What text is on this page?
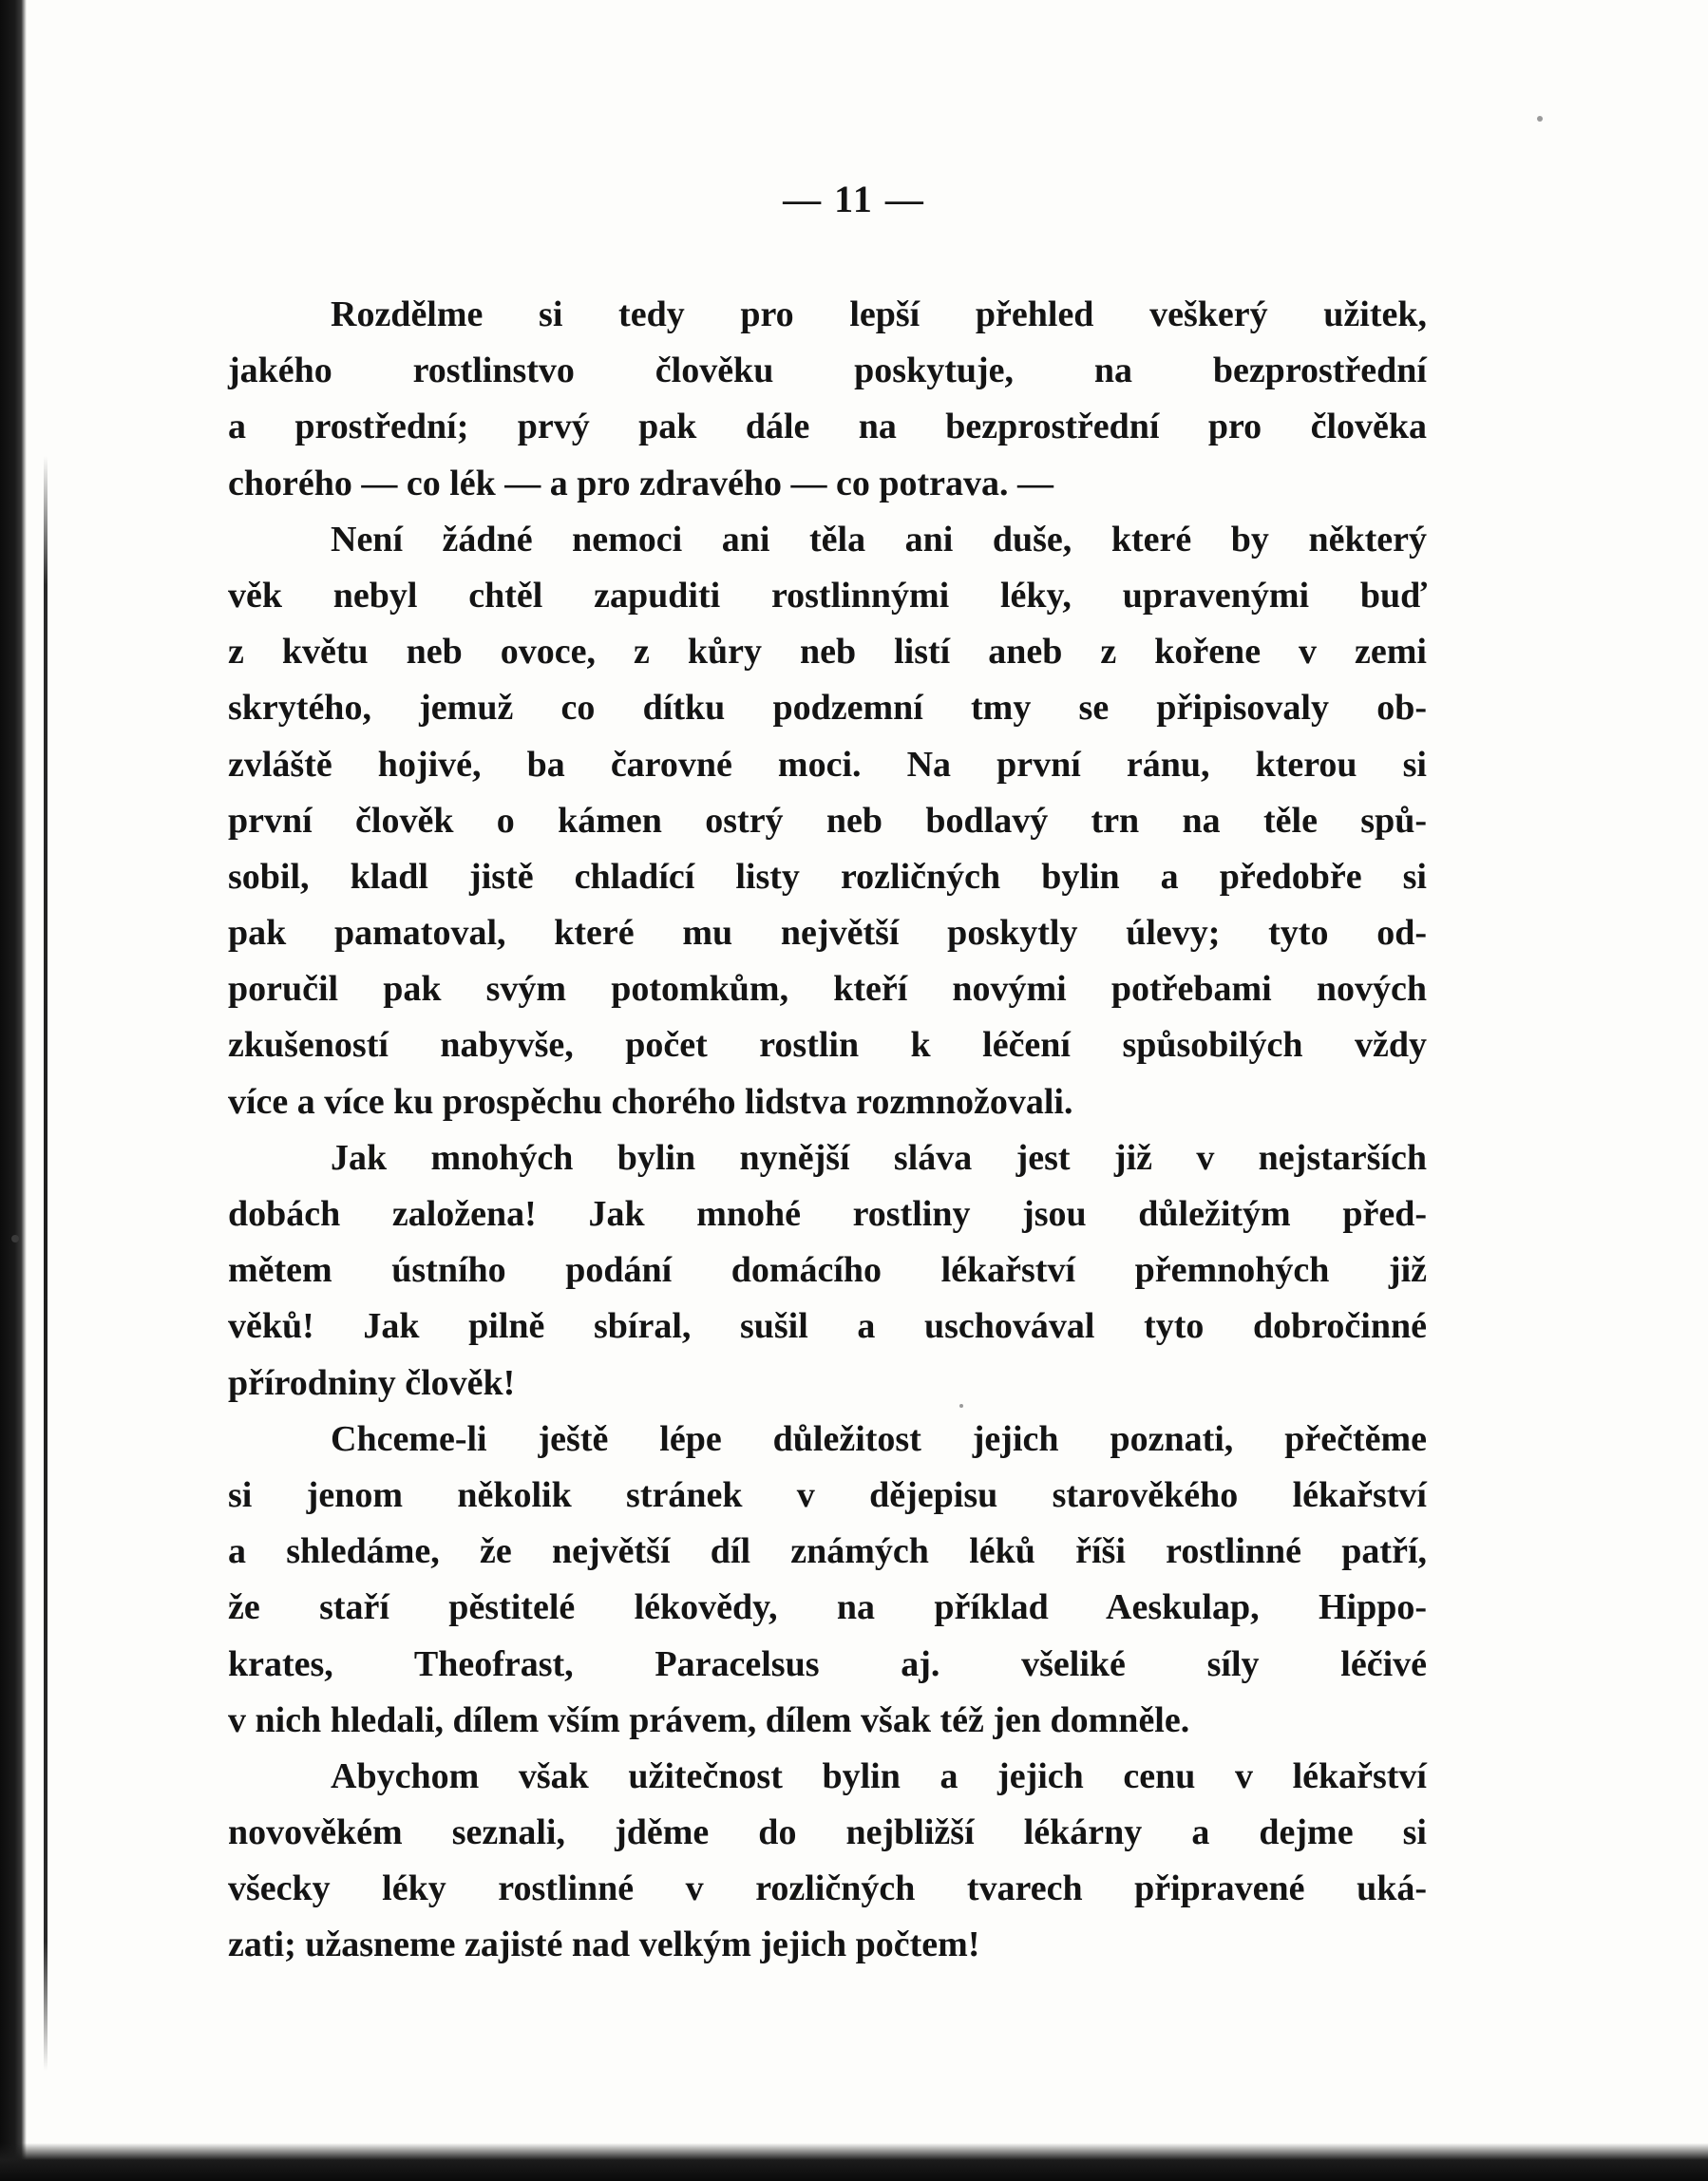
— 11 —

Rozdělme si tedy pro lepší přehled veškerý užitek,
jakého rostlinstvo člověku poskytuje, na bezprostřední
a prostřední; prvý pak dále na bezprostřední pro člověka
chorého — co lék — a pro zdravého — co potrava. —

Není žádné nemoci ani těla ani duše, které by některý
věk nebyl chtěl zapuditi rostlinnými léky, upravenými buď
z květu neb ovoce, z kůry neb listí aneb z kořene v zemi
skrytého, jemuž co dítku podzemní tmy se připisovaly ob-
zvláště hojivé, ba čarovné moci. Na první ránu, kterou si
první člověk o kámen ostrý neb bodlavý trn na těle spů-
sobil, kladl jistě chladící listy rozličných bylin a předobře si
pak pamatoval, které mu největší poskytly úlevy; tyto od-
poručil pak svým potomkům, kteří novými potřebami nových
zkušeností nabyvše, počet rostlin k léčení spůsobilých vždy
více a více ku prospěchu chorého lidstva rozmnožovali.

Jak mnohých bylin nynější sláva jest již v nejstarších
dobách založena! Jak mnohé rostliny jsou důležitým před-
mětem ústního podání domácího lékařství přemnohých již
věků! Jak pilně sbíral, sušil a uschovával tyto dobročinné
přírodniny člověk!

Chceme-li ještě lépe důležitost jejich poznati, přečtěme
si jenom několik stránek v dějepisu starověkého lékařství
a shledáme, že největší díl známých léků říši rostlinné patří,
že staří pěstitelé lékovědy, na příklad Aeskulap, Hippo-
krates, Theofrast, Paracelsus aj. všeliké síly léčivé
v nich hledali, dílem vším právem, dílem však též jen domněle.

Abychom však užitečnost bylin a jejich cenu v lékařství
novověkém seznali, jděme do nejbližší lékárny a dejme si
všecky léky rostlinné v rozličných tvarech připravené uká-
zati; užasneme zajisté nad velkým jejich počtem!
